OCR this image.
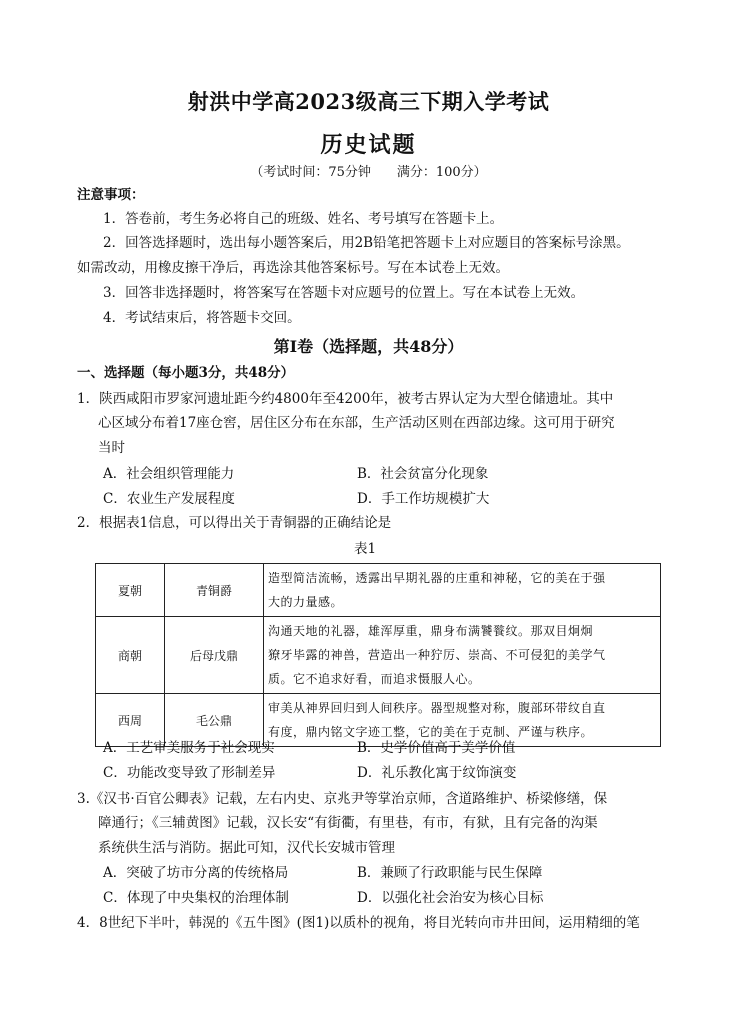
射洪中学高2023级高三下期入学考试
历史试题
（考试时间：75分钟　　满分：100分）
注意事项：
1．答卷前，考生务必将自己的班级、姓名、考号填写在答题卡上。
2．回答选择题时，选出每小题答案后，用2B铅笔把答题卡上对应题目的答案标号涂黑。
如需改动，用橡皮擦干净后，再选涂其他答案标号。写在本试卷上无效。
3．回答非选择题时，将答案写在答题卡对应题号的位置上。写在本试卷上无效。
4．考试结束后，将答题卡交回。
第Ⅰ卷（选择题，共48分）
一、选择题（每小题3分，共48分）
1．陕西咸阳市罗家河遗址距今约4800年至4200年，被考古界认定为大型仓储遗址。其中
心区域分布着17座仓窖，居住区分布在东部，生产活动区则在西部边缘。这可用于研究
当时
A．社会组织管理能力	B．社会贫富分化现象
C．农业生产发展程度	D．手工作坊规模扩大
2．根据表1信息，可以得出关于青铜器的正确结论是
表1
夏朝	青铜爵	造型简洁流畅，透露出早期礼器的庄重和神秘，它的美在于强
大的力量感。

商朝	后母戊鼎	沟通天地的礼器，雄浑厚重，鼎身布满饕餮纹。那双目炯炯
獠牙毕露的神兽，营造出一种狞厉、崇高、不可侵犯的美学气
质。它不追求好看，而追求慑服人心。

西周	毛公鼎	审美从神界回归到人间秩序。器型规整对称，腹部环带纹自直
有度，鼎内铭文字迹工整，它的美在于克制、严谨与秩序。
A．工艺审美服务于社会现实	B．史学价值高于美学价值
C．功能改变导致了形制差异	D．礼乐教化寓于纹饰演变
3.《汉书·百官公卿表》记载，左右内史、京兆尹等掌治京师，含道路维护、桥梁修缮，保
障通行；《三辅黄图》记载，汉长安“有街衢，有里巷，有市，有狱，且有完备的沟渠
系统供生活与消防。据此可知，汉代长安城市管理
A．突破了坊市分离的传统格局	B．兼顾了行政职能与民生保障
C．体现了中央集权的治理体制	D．以强化社会治安为核心目标
4．8世纪下半叶，韩滉的《五牛图》(图1)以质朴的视角，将目光转向市井田间，运用精细的笔
